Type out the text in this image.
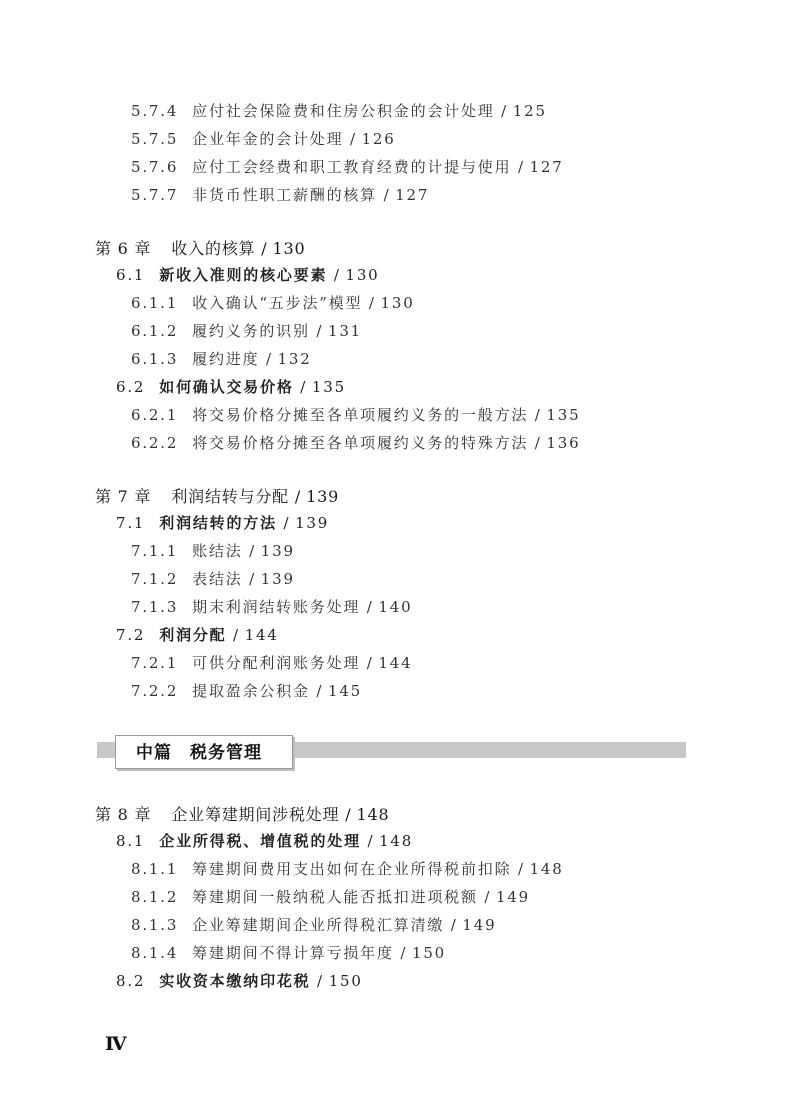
5.7.4 应付社会保险费和住房公积金的会计处理 / 125
5.7.5 企业年金的会计处理 / 126
5.7.6 应付工会经费和职工教育经费的计提与使用 / 127
5.7.7 非货币性职工薪酬的核算 / 127
第 6 章 收入的核算 / 130
6.1 新收入准则的核心要素 / 130
6.1.1 收入确认“五步法”模型 / 130
6.1.2 履约义务的识别 / 131
6.1.3 履约进度 / 132
6.2 如何确认交易价格 / 135
6.2.1 将交易价格分摊至各单项履约义务的一般方法 / 135
6.2.2 将交易价格分摊至各单项履约义务的特殊方法 / 136
第 7 章 利润结转与分配 / 139
7.1 利润结转的方法 / 139
7.1.1 账结法 / 139
7.1.2 表结法 / 139
7.1.3 期末利润结转账务处理 / 140
7.2 利润分配 / 144
7.2.1 可供分配利润账务处理 / 144
7.2.2 提取盈余公积金 / 145
中篇 税务管理
第 8 章 企业筹建期间涉税处理 / 148
8.1 企业所得税、增值税的处理 / 148
8.1.1 筹建期间费用支出如何在企业所得税前扣除 / 148
8.1.2 筹建期间一般纳税人能否抵扣进项税额 / 149
8.1.3 企业筹建期间企业所得税汇算清缴 / 149
8.1.4 筹建期间不得计算亏损年度 / 150
8.2 实收资本缴纳印花税 / 150
Ⅳ
